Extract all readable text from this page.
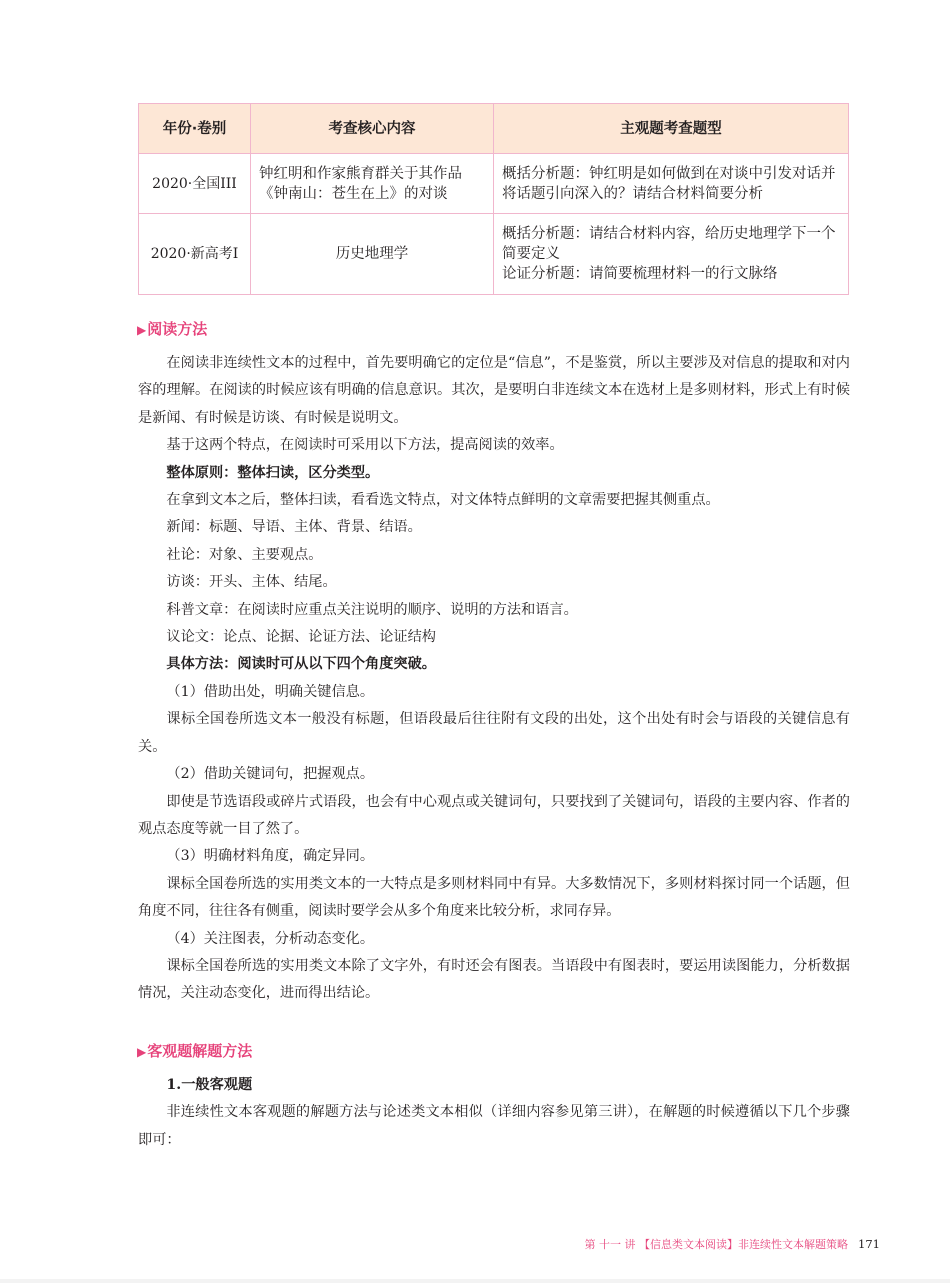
年份·卷别	考查核心内容	主观题考查题型
2020·全国III	钟红明和作家熊育群关于其作品《钟南山：苍生在上》的对谈	概括分析题：钟红明是如何做到在对谈中引发对话并将话题引向深入的？请结合材料简要分析

2020·新高考I	历史地理学	概括分析题：请结合材料内容，给历史地理学下一个简要定义
论证分析题：请简要梳理材料一的行文脉络
▶阅读方法

在阅读非连续性文本的过程中，首先要明确它的定位是“信息”，不是鉴赏，所以主要涉及对信息的提取和对内容的理解。在阅读的时候应该有明确的信息意识。其次，是要明白非连续文本在选材上是多则材料，形式上有时候是新闻、有时候是访谈、有时候是说明文。

基于这两个特点，在阅读时可采用以下方法，提高阅读的效率。

整体原则：整体扫读，区分类型。

在拿到文本之后，整体扫读，看看选文特点，对文体特点鲜明的文章需要把握其侧重点。

新闻：标题、导语、主体、背景、结语。

社论：对象、主要观点。

访谈：开头、主体、结尾。

科普文章：在阅读时应重点关注说明的顺序、说明的方法和语言。

议论文：论点、论据、论证方法、论证结构

具体方法：阅读时可从以下四个角度突破。

（1）借助出处，明确关键信息。

课标全国卷所选文本一般没有标题，但语段最后往往附有文段的出处，这个出处有时会与语段的关键信息有关。

（2）借助关键词句，把握观点。

即使是节选语段或碎片式语段，也会有中心观点或关键词句，只要找到了关键词句，语段的主要内容、作者的观点态度等就一目了然了。

（3）明确材料角度，确定异同。

课标全国卷所选的实用类文本的一大特点是多则材料同中有异。大多数情况下，多则材料探讨同一个话题，但角度不同，往往各有侧重，阅读时要学会从多个角度来比较分析，求同存异。

（4）关注图表，分析动态变化。

课标全国卷所选的实用类文本除了文字外，有时还会有图表。当语段中有图表时，要运用读图能力，分析数据情况，关注动态变化，进而得出结论。

▶客观题解题方法

1.一般客观题

非连续性文本客观题的解题方法与论述类文本相似（详细内容参见第三讲），在解题的时候遵循以下几个步骤即可：

第 十一 讲 【信息类文本阅读】非连续性文本解题策略 171
